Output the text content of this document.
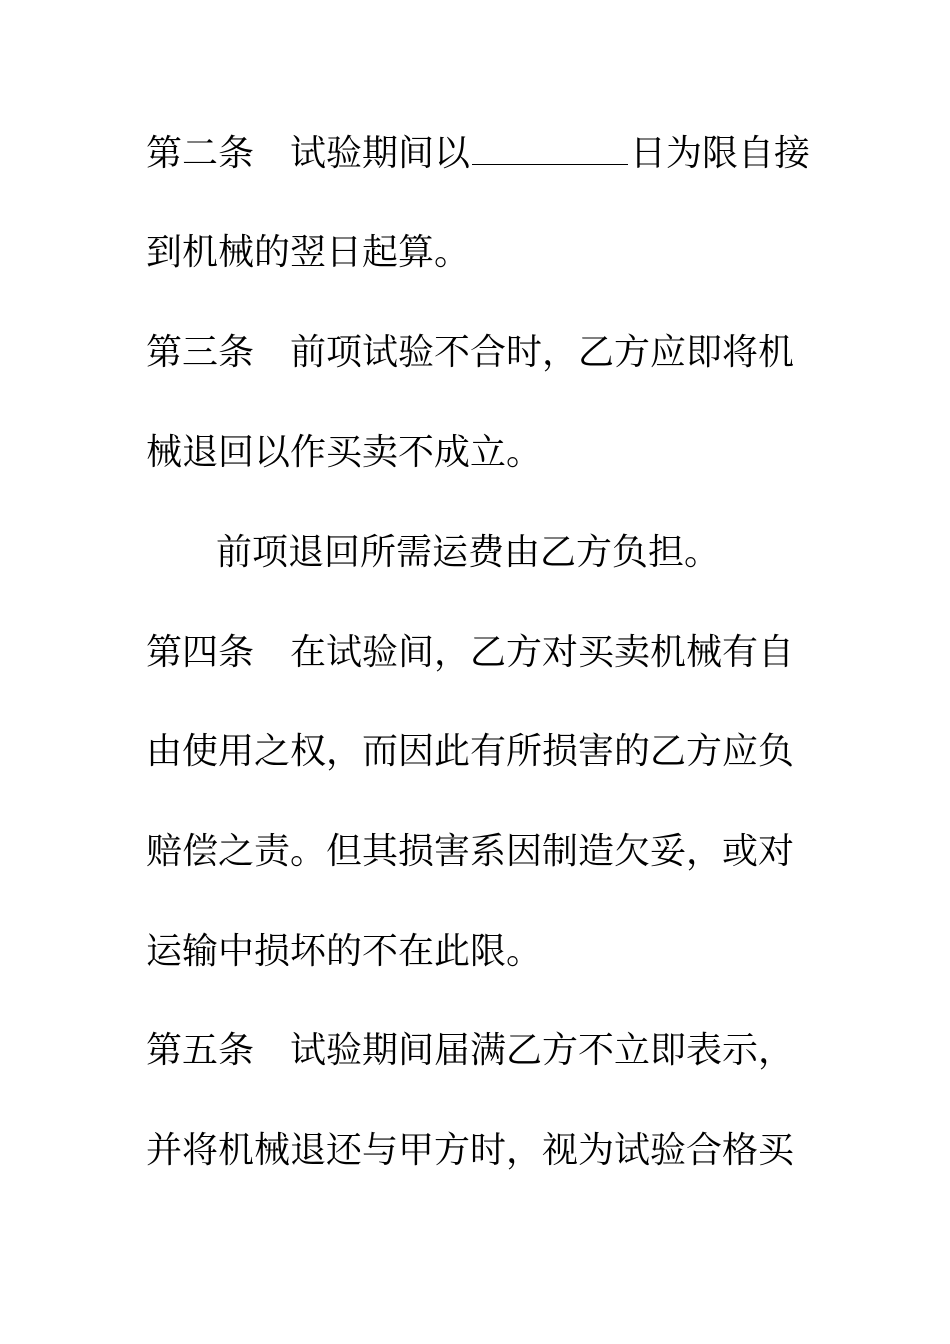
第二条 试验期间以	日为限自接

到机械的翌日起算。

第三条 前项试验不合时，乙方应即将机

械退回以作买卖不成立。

前项退回所需运费由乙方负担。

第四条 在试验间，乙方对买卖机械有自

由使用之权，而因此有所损害的乙方应负

赔偿之责。但其损害系因制造欠妥，或对

运输中损坏的不在此限。

第五条 试验期间届满乙方不立即表示，

并将机械退还与甲方时，视为试验合格买
